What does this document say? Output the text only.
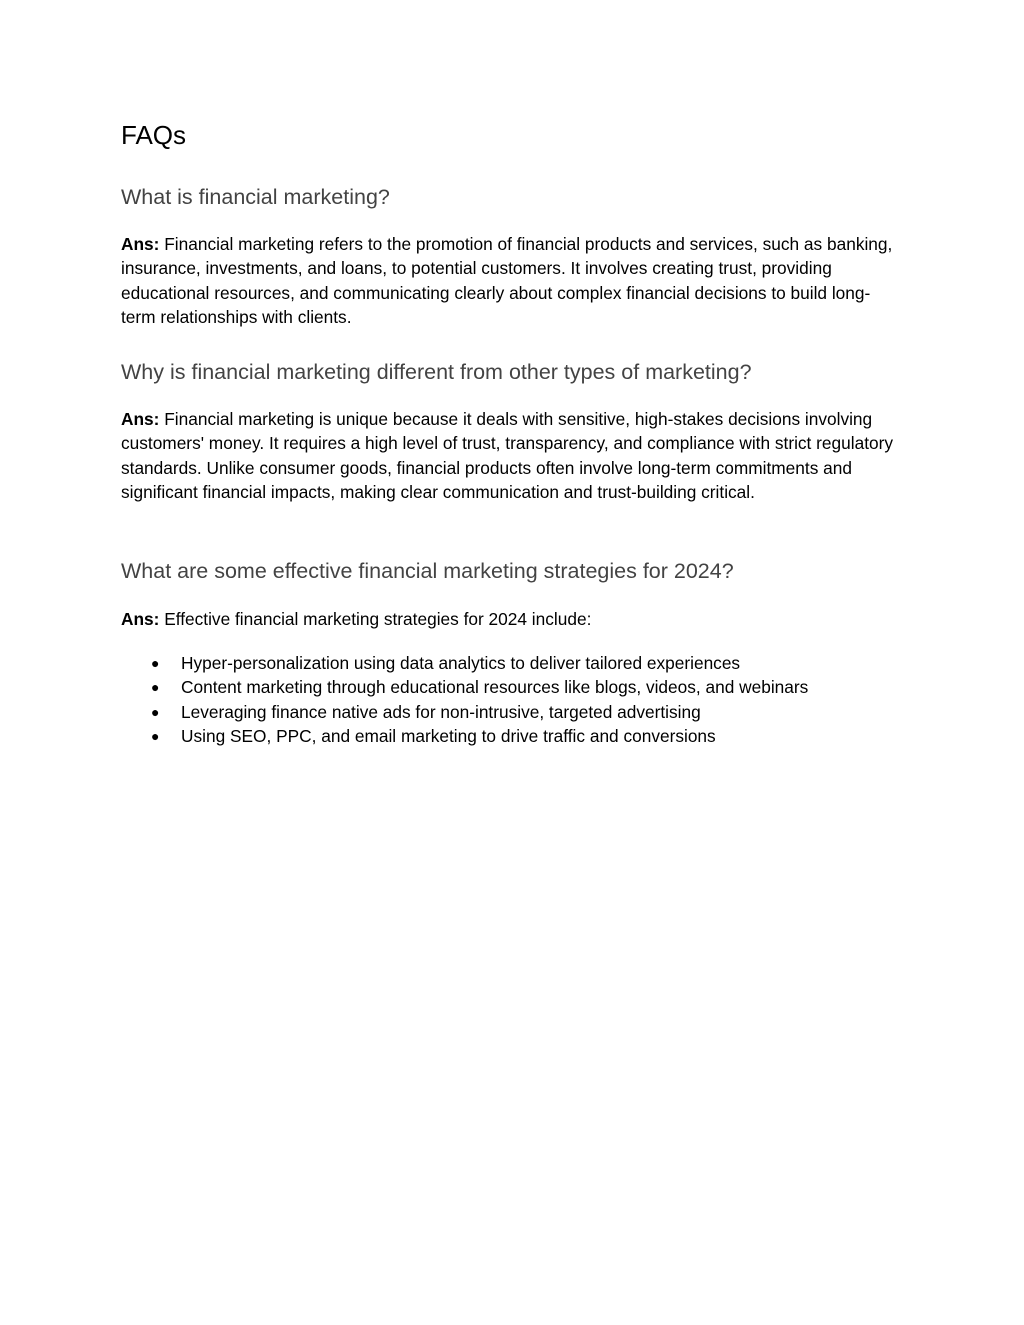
FAQs
What is financial marketing?

Ans: Financial marketing refers to the promotion of financial products and services, such as banking, insurance, investments, and loans, to potential customers. It involves creating trust, providing educational resources, and communicating clearly about complex financial decisions to build long-term relationships with clients.

Why is financial marketing different from other types of marketing?

Ans: Financial marketing is unique because it deals with sensitive, high-stakes decisions involving customers' money. It requires a high level of trust, transparency, and compliance with strict regulatory standards. Unlike consumer goods, financial products often involve long-term commitments and significant financial impacts, making clear communication and trust-building critical.

What are some effective financial marketing strategies for 2024?

Ans: Effective financial marketing strategies for 2024 include:

● Hyper-personalization using data analytics to deliver tailored experiences
● Content marketing through educational resources like blogs, videos, and webinars
● Leveraging finance native ads for non-intrusive, targeted advertising
● Using SEO, PPC, and email marketing to drive traffic and conversions
